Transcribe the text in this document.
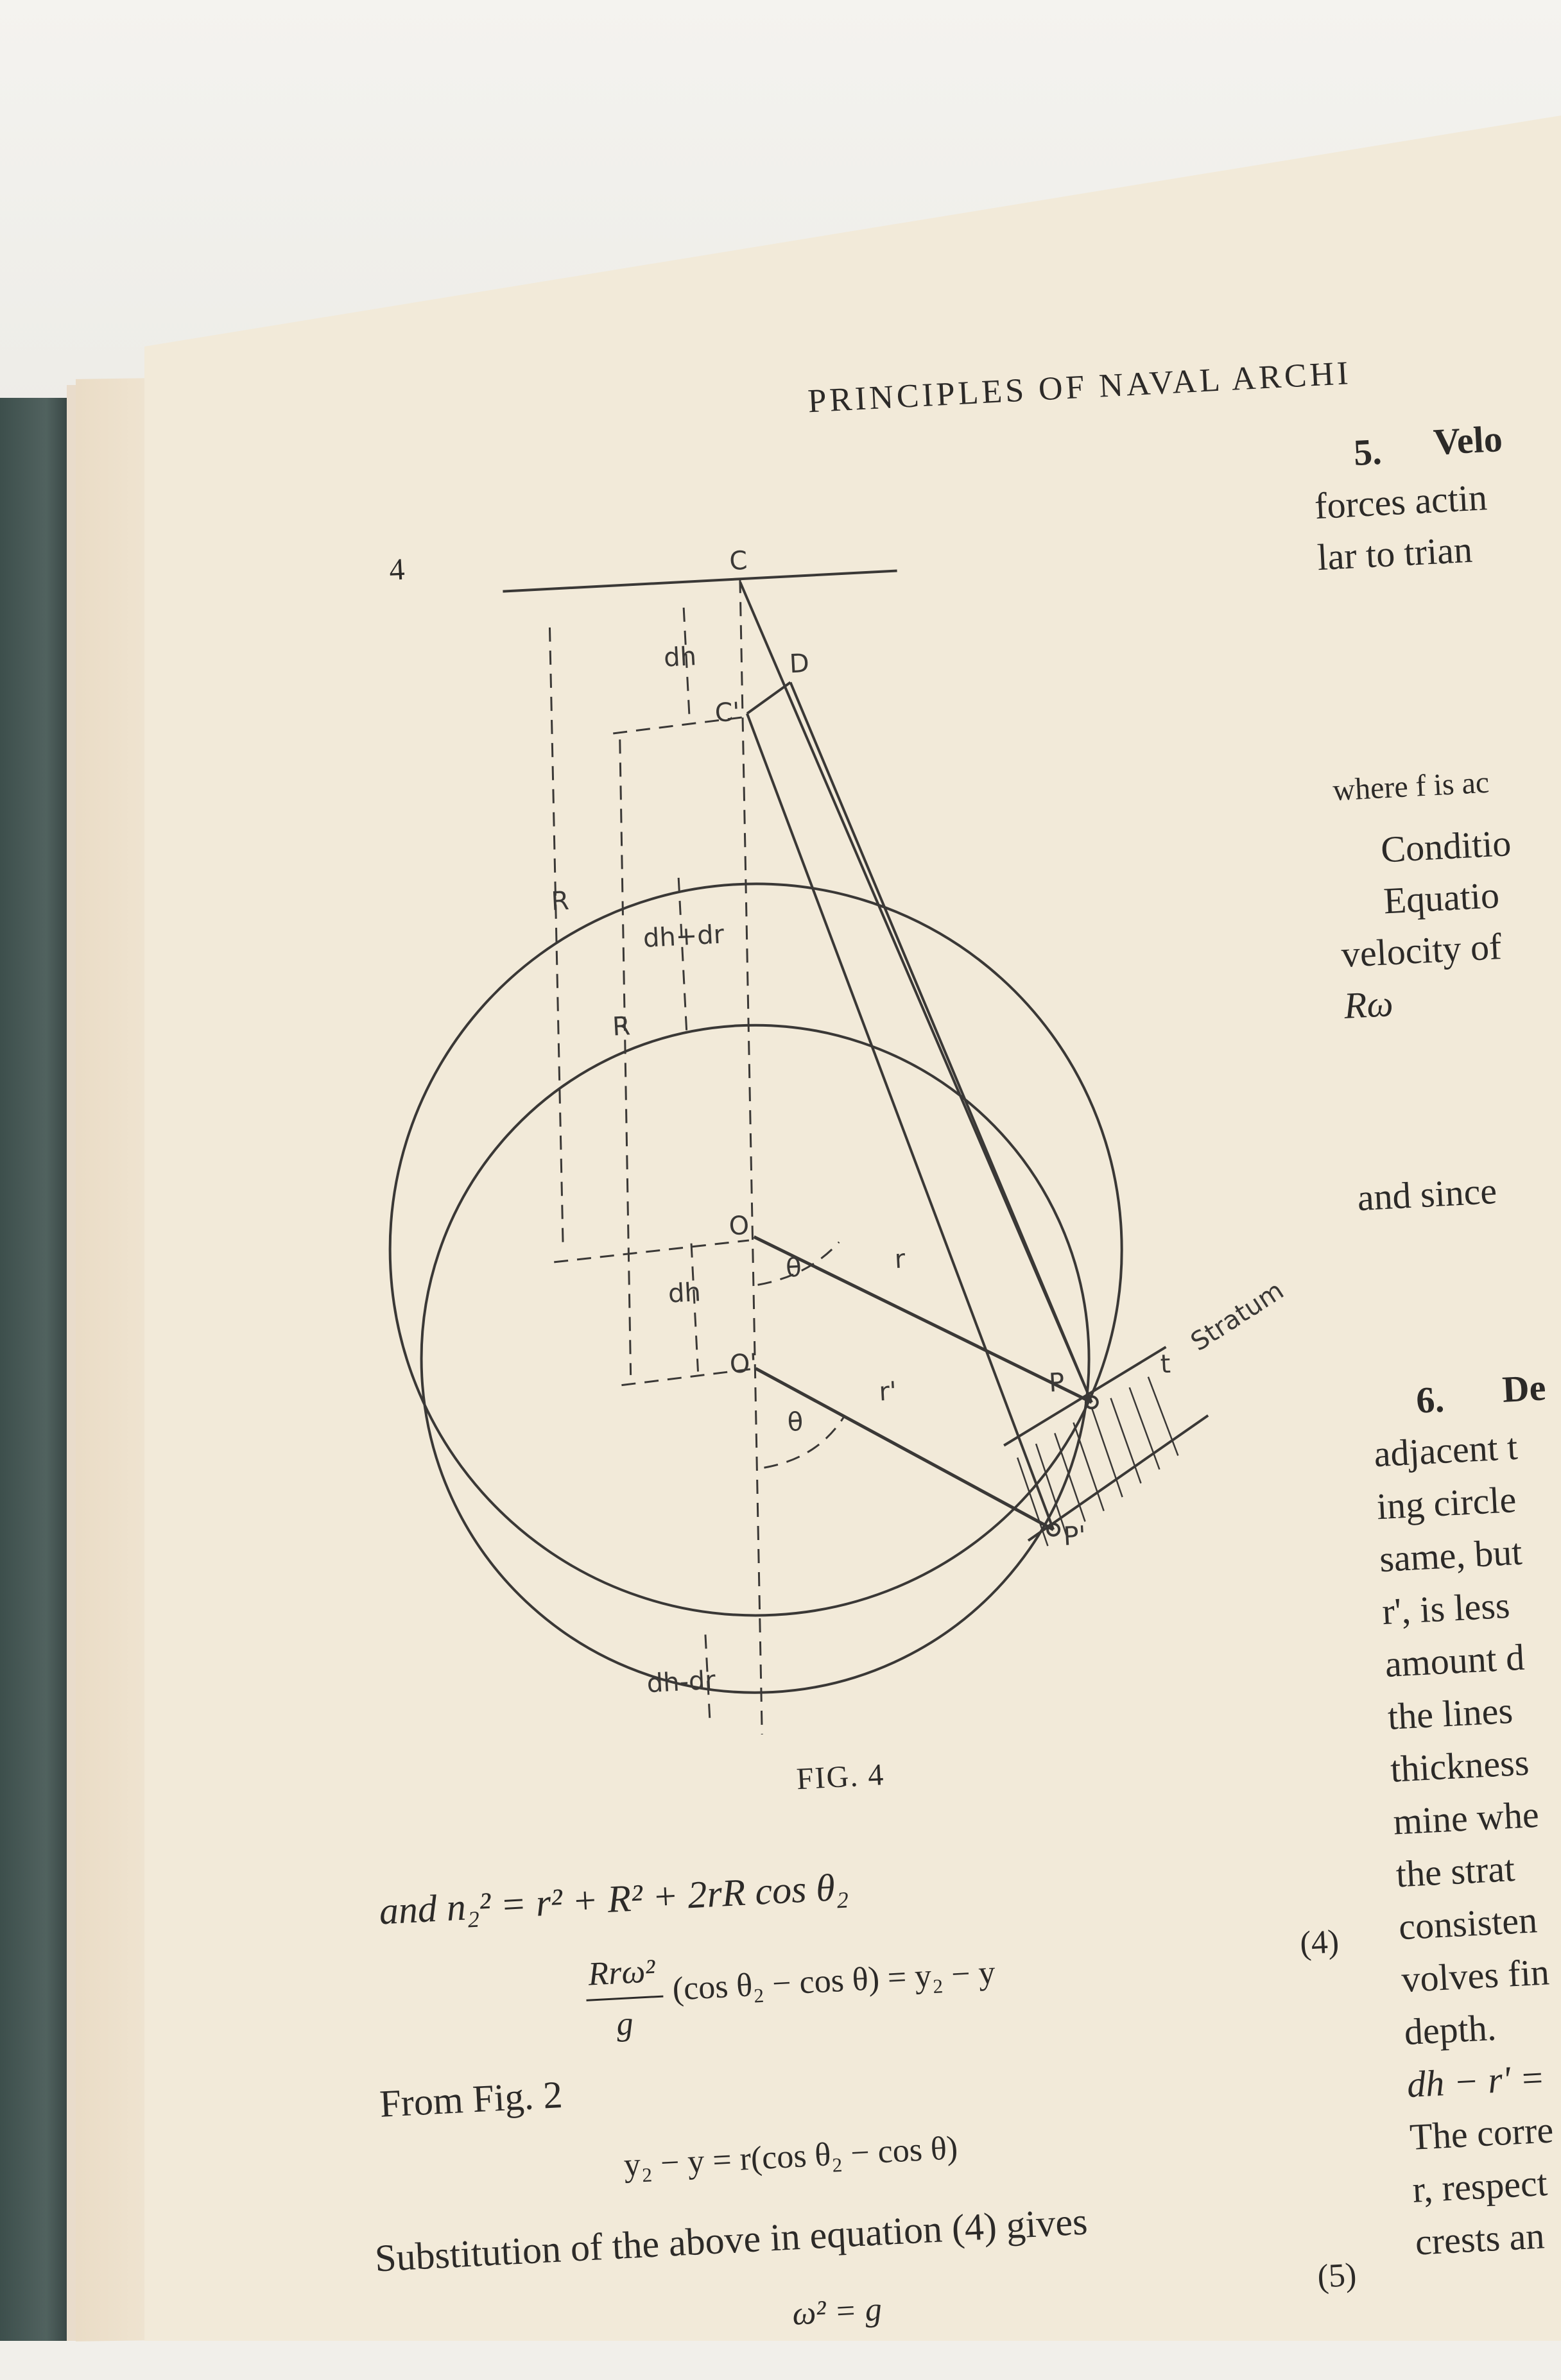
PRINCIPLES OF NAVAL ARCHI
4	C
D
C'
dh
R
R
dh+dr
O
O'
dh
θ
θ
r
r'	P
P'
t
Stratum
dh-dr
FIG. 4
and n₂² = r² + R² + 2rR cos θ₂
Rrω²
g
(cos θ₂ − cos θ) = y₂ − y
(4)
From Fig. 2
y₂ − y = r(cos θ₂ − cos θ)
Substitution of the above in equation (4) gives
ω² = g
(5)
5. Velo
forces actin
lar to trian
where f is ac
Conditio
Equatio
velocity of
Rω
and since
6. De
adjacent t
ing circle
same, but
r', is less
amount d
the lines
thickness
mine whe
the strat
consisten
volves fin
depth.
dh − r' =
The corre
r, respect
crests an
